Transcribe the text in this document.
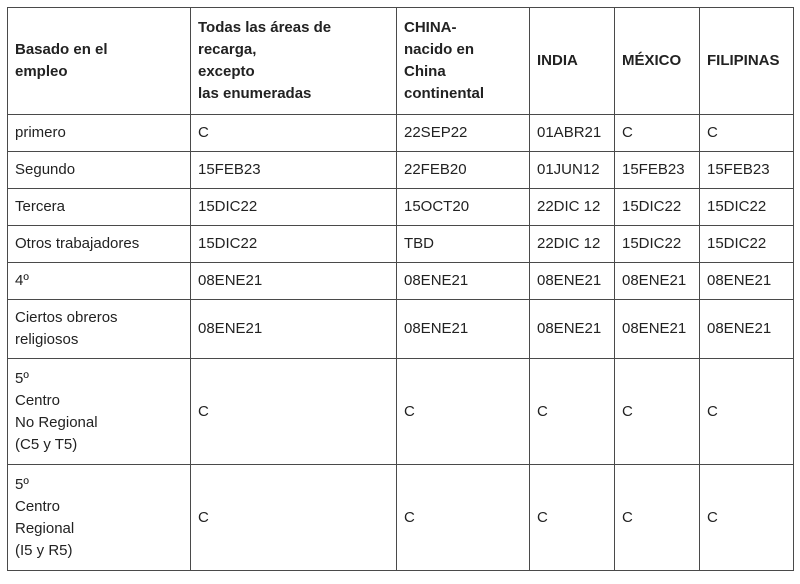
Basado en el
empleo	Todas las áreas de
recarga,
excepto
las enumeradas	CHINA-
nacido en
China
continental	INDIA	MÉXICO	FILIPINAS
primero	C	22SEP22	01ABR21	C	C
Segundo	15FEB23	22FEB20	01JUN12	15FEB23	15FEB23
Tercera	15DIC22	15OCT20	22DIC 12	15DIC22	15DIC22
Otros trabajadores	15DIC22	TBD	22DIC 12	15DIC22	15DIC22
4º	08ENE21	08ENE21	08ENE21	08ENE21	08ENE21
Ciertos obreros
religiosos	08ENE21	08ENE21	08ENE21	08ENE21	08ENE21
5º
Centro
No Regional
(C5 y T5)	C	C	C	C	C
5º
Centro
Regional
(I5 y R5)	C	C	C	C	C
